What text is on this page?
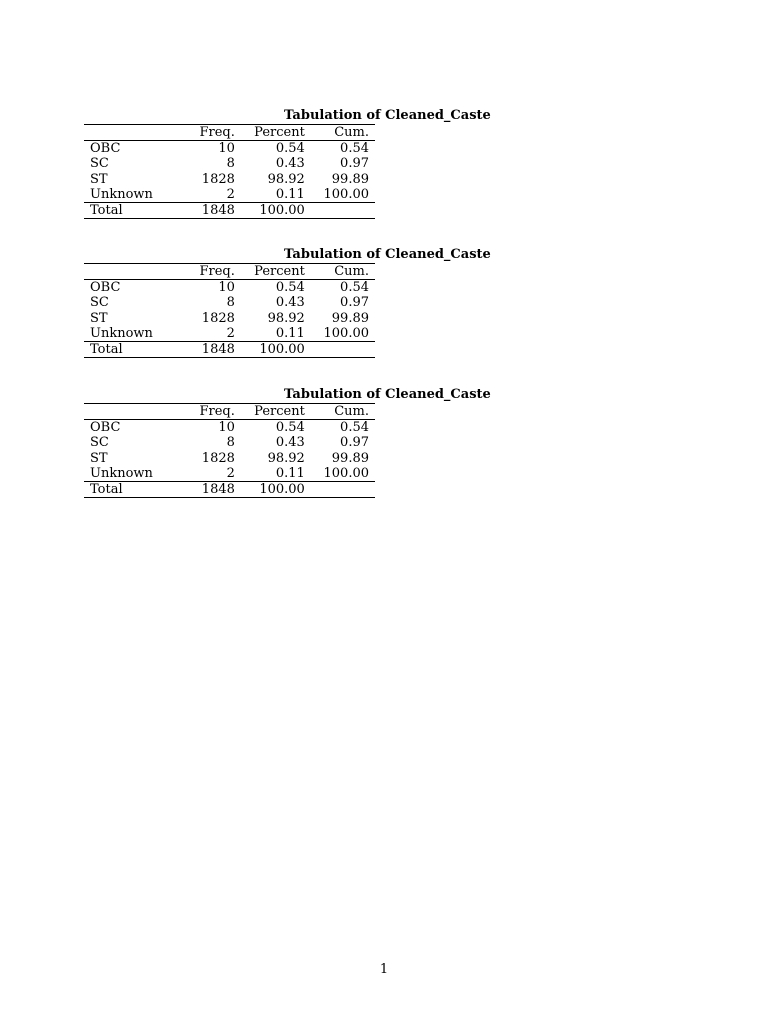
Tabulation of Cleaned_Caste
	Freq.	Percent	Cum.
OBC	10	0.54	0.54
SC	8	0.43	0.97
ST	1828	98.92	99.89
Unknown	2	0.11	100.00
Total	1848	100.00	
Tabulation of Cleaned_Caste
	Freq.	Percent	Cum.
OBC	10	0.54	0.54
SC	8	0.43	0.97
ST	1828	98.92	99.89
Unknown	2	0.11	100.00
Total	1848	100.00	
Tabulation of Cleaned_Caste
	Freq.	Percent	Cum.
OBC	10	0.54	0.54
SC	8	0.43	0.97
ST	1828	98.92	99.89
Unknown	2	0.11	100.00
Total	1848	100.00	
1
